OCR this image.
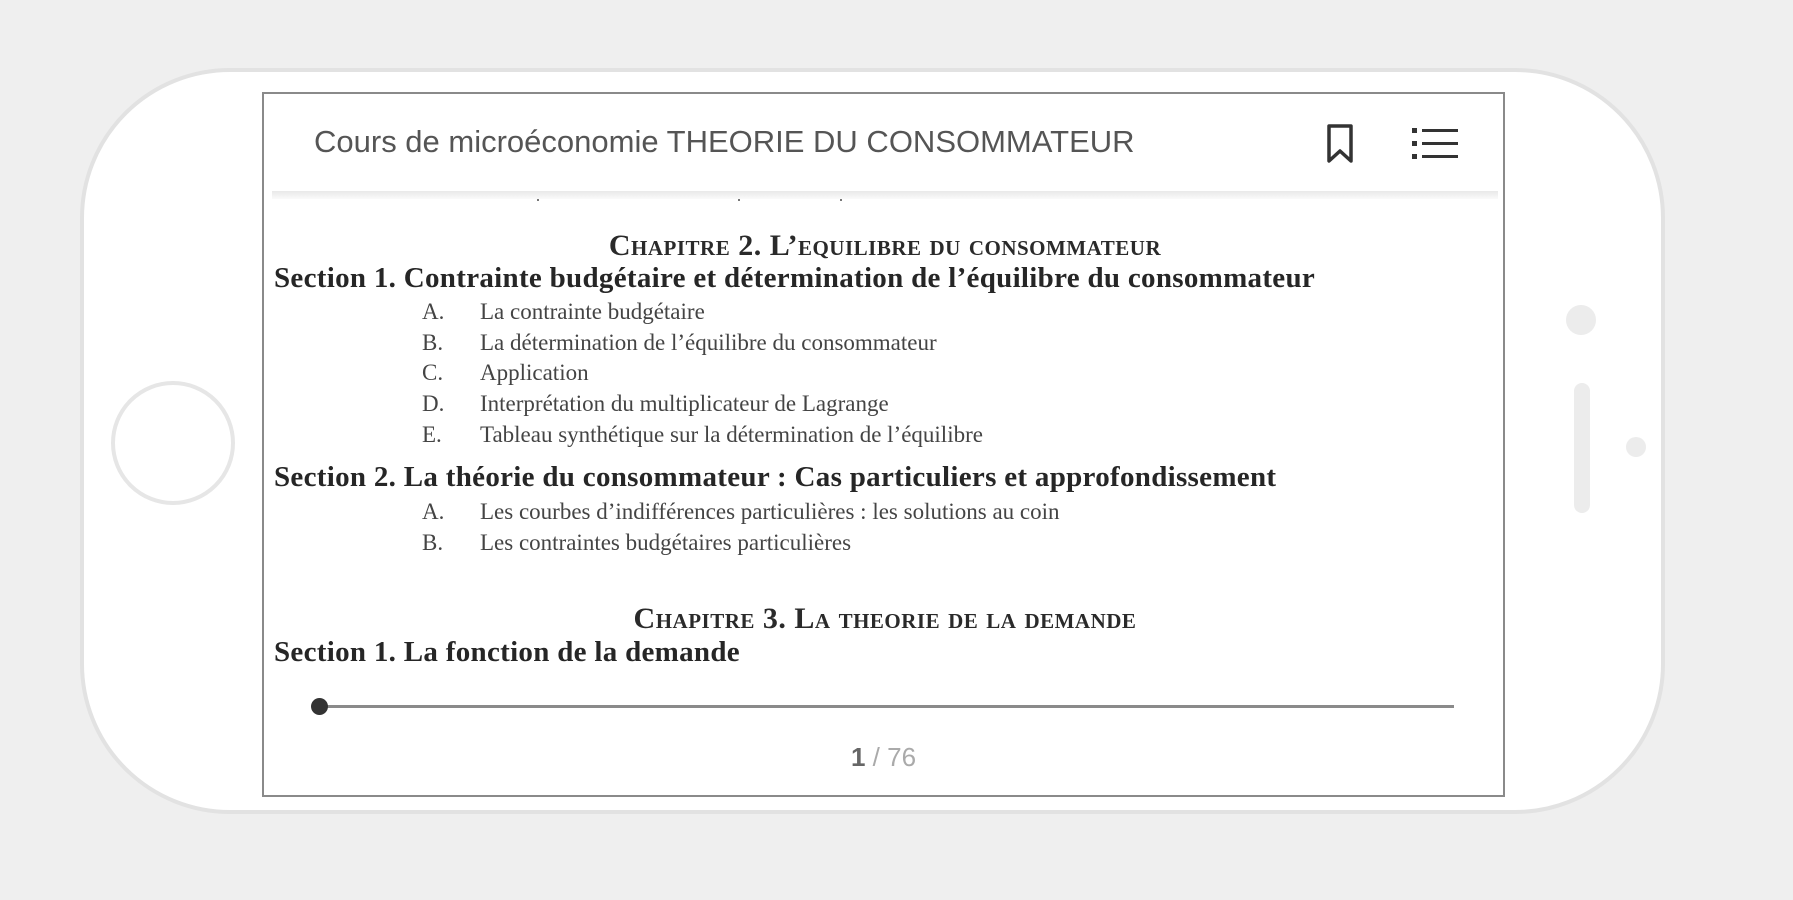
Cours de microéconomie THEORIE DU CONSOMMATEUR
Chapitre 2. L’equilibre du consommateur
Section 1. Contrainte budgétaire et détermination de l’équilibre du consommateur
A. La contrainte budgétaire
B. La détermination de l’équilibre du consommateur
C. Application
D. Interprétation du multiplicateur de Lagrange
E. Tableau synthétique sur la détermination de l’équilibre
Section 2. La théorie du consommateur : Cas particuliers et approfondissement
A. Les courbes d’indifférences particulières : les solutions au coin
B. Les contraintes budgétaires particulières
Chapitre 3. La theorie de la demande
Section 1. La fonction de la demande
1 / 76
